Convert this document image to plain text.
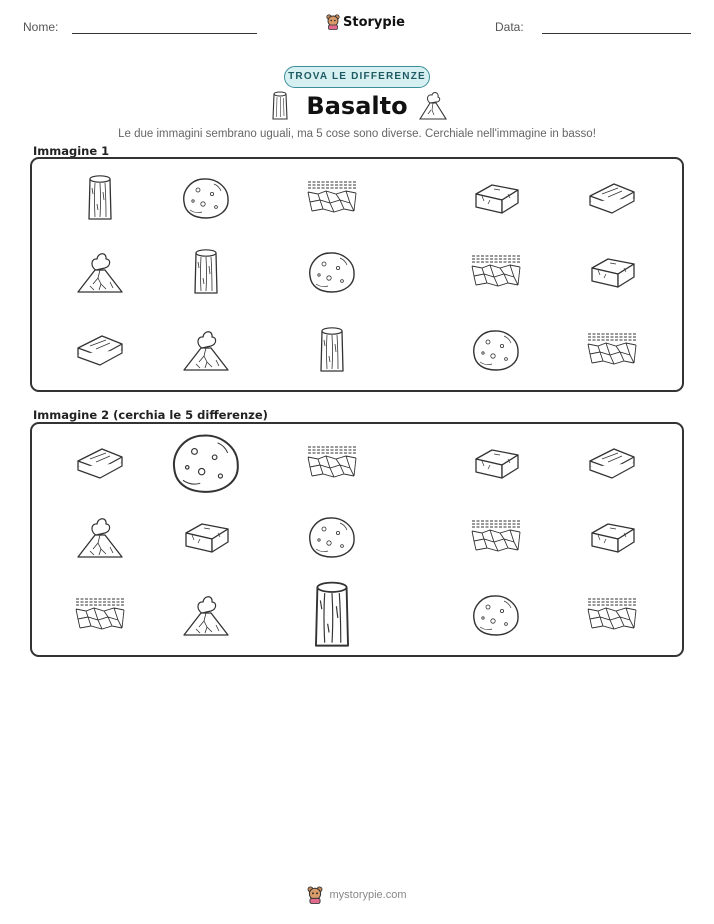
Nome:	Storypie	Data:
TROVA LE DIFFERENZE
Basalto
Le due immagini sembrano uguali, ma 5 cose sono diverse. Cerchiale nell'immagine in basso!
Immagine 1
Immagine 2 (cerchia le 5 differenze)
mystorypie.com
